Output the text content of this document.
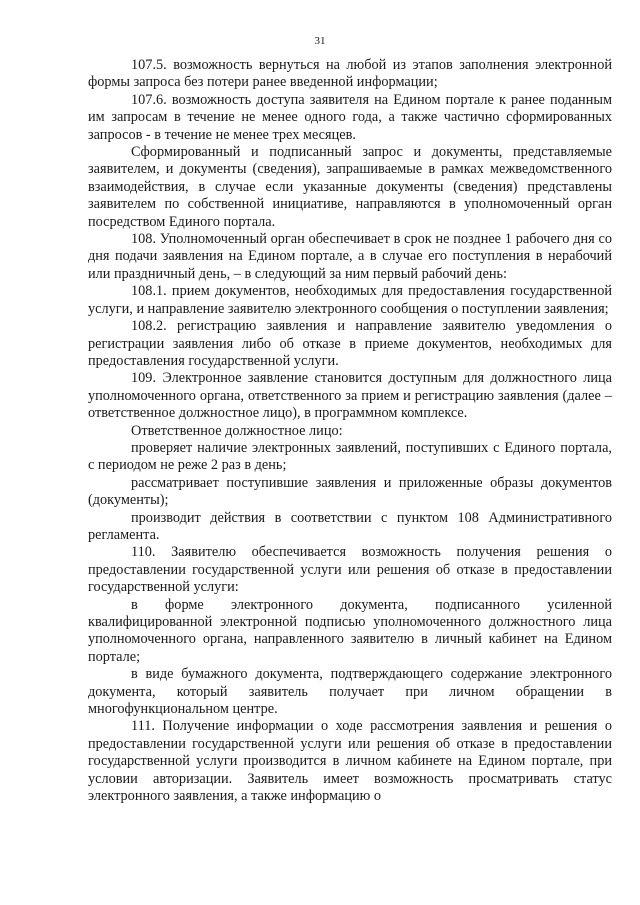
31

107.5. возможность вернуться на любой из этапов заполнения электронной формы запроса без потери ранее введенной информации;

107.6. возможность доступа заявителя на Едином портале к ранее поданным им запросам в течение не менее одного года, а также частично сформированных запросов - в течение не менее трех месяцев.

Сформированный и подписанный запрос и документы, представляемые заявителем, и документы (сведения), запрашиваемые в рамках межведомственного взаимодействия, в случае если указанные документы (сведения) представлены заявителем по собственной инициативе, направляются в уполномоченный орган посредством Единого портала.

108. Уполномоченный орган обеспечивает в срок не позднее 1 рабочего дня со дня подачи заявления на Едином портале, а в случае его поступления в нерабочий или праздничный день, – в следующий за ним первый рабочий день:

108.1. прием документов, необходимых для предоставления государственной услуги, и направление заявителю электронного сообщения о поступлении заявления;

108.2. регистрацию заявления и направление заявителю уведомления о регистрации заявления либо об отказе в приеме документов, необходимых для предоставления государственной услуги.

109. Электронное заявление становится доступным для должностного лица уполномоченного органа, ответственного за прием и регистрацию заявления (далее – ответственное должностное лицо), в программном комплексе.

Ответственное должностное лицо:

проверяет наличие электронных заявлений, поступивших с Единого портала, с периодом не реже 2 раз в день;

рассматривает поступившие заявления и приложенные образы документов (документы);

производит действия в соответствии с пунктом 108 Административного регламента.

110. Заявителю обеспечивается возможность получения решения о предоставлении государственной услуги или решения об отказе в предоставлении государственной услуги:

в форме электронного документа, подписанного усиленной квалифицированной электронной подписью уполномоченного должностного лица уполномоченного органа, направленного заявителю в личный кабинет на Едином портале;

в виде бумажного документа, подтверждающего содержание электронного документа, который заявитель получает при личном обращении в многофункциональном центре.

111. Получение информации о ходе рассмотрения заявления и решения о предоставлении государственной услуги или решения об отказе в предоставлении государственной услуги производится в личном кабинете на Едином портале, при условии авторизации. Заявитель имеет возможность просматривать статус электронного заявления, а также информацию о
